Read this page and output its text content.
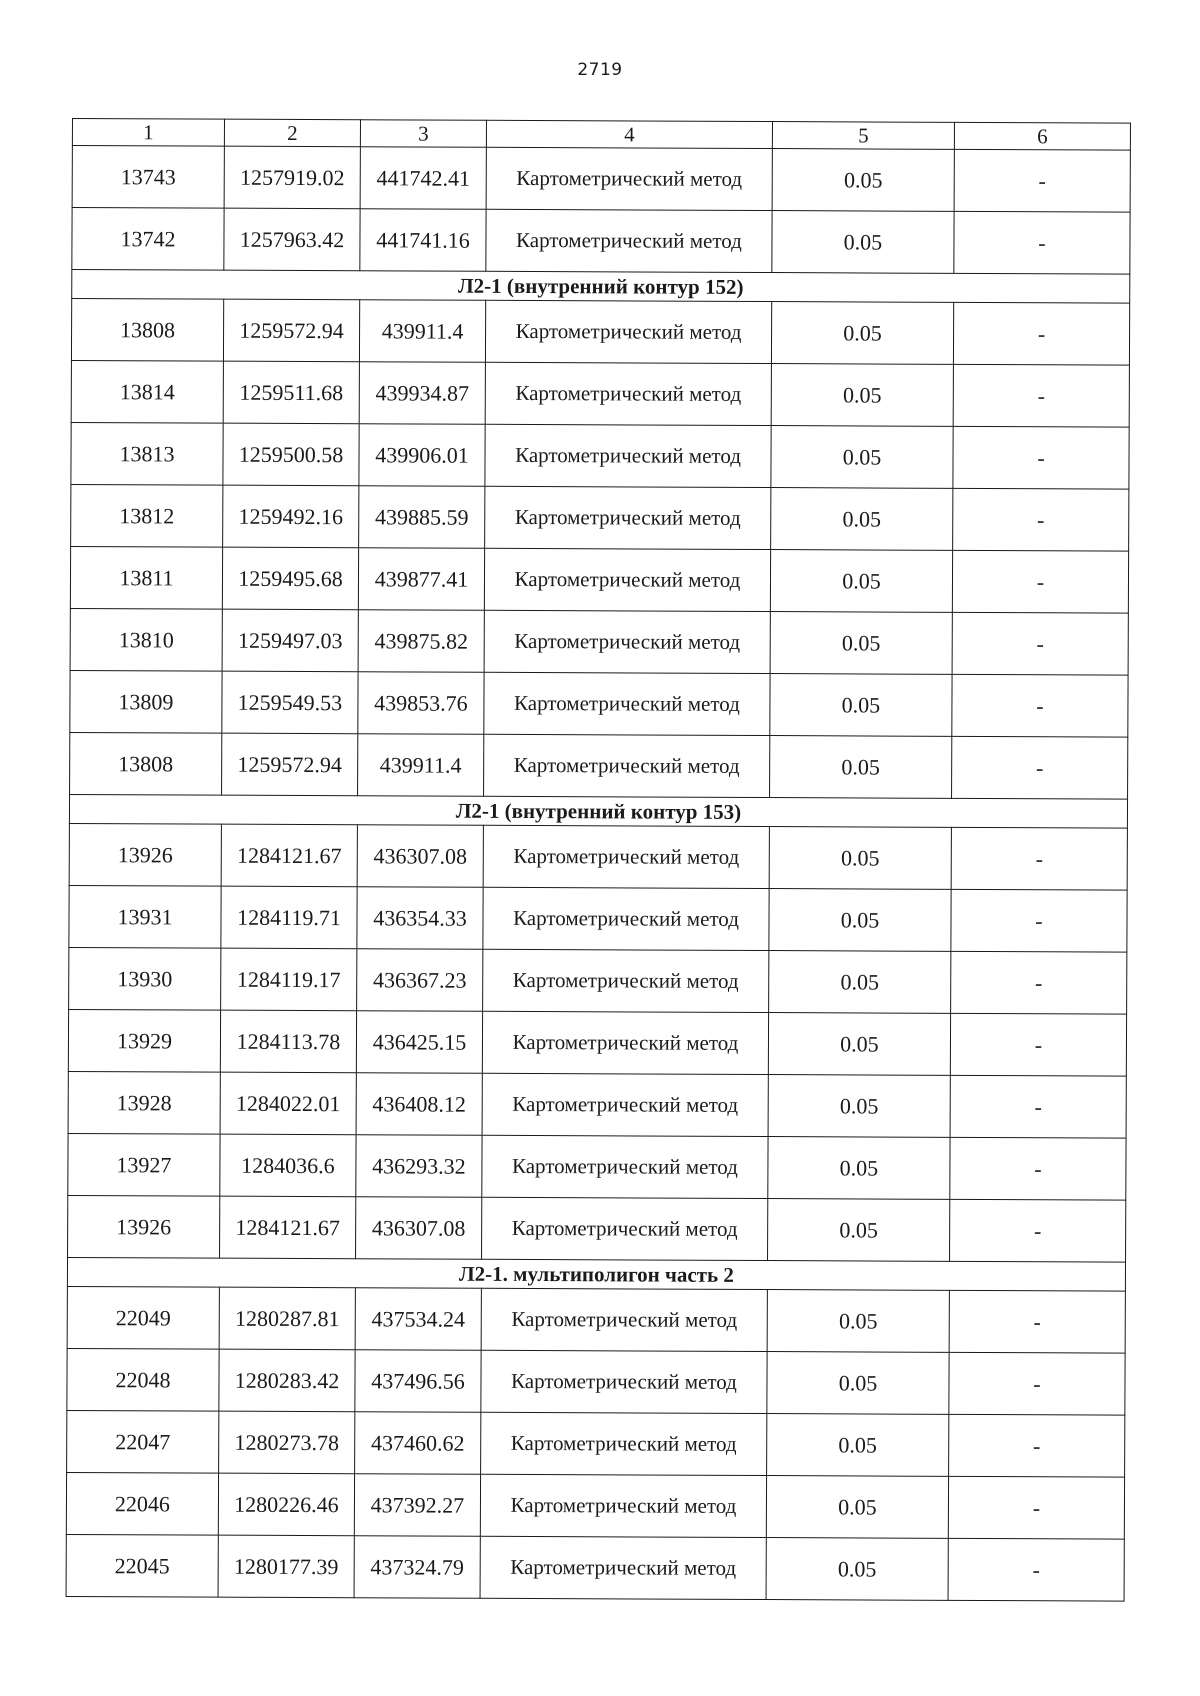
2719
1	2	3	4	5	6
13743	1257919.02	441742.41	Картометрический метод	0.05	-
13742	1257963.42	441741.16	Картометрический метод	0.05	-
Л2-1 (внутренний контур 152)					
13808	1259572.94	439911.4	Картометрический метод	0.05	-
13814	1259511.68	439934.87	Картометрический метод	0.05	-
13813	1259500.58	439906.01	Картометрический метод	0.05	-
13812	1259492.16	439885.59	Картометрический метод	0.05	-
13811	1259495.68	439877.41	Картометрический метод	0.05	-
13810	1259497.03	439875.82	Картометрический метод	0.05	-
13809	1259549.53	439853.76	Картометрический метод	0.05	-
13808	1259572.94	439911.4	Картометрический метод	0.05	-
Л2-1 (внутренний контур 153)					
13926	1284121.67	436307.08	Картометрический метод	0.05	-
13931	1284119.71	436354.33	Картометрический метод	0.05	-
13930	1284119.17	436367.23	Картометрический метод	0.05	-
13929	1284113.78	436425.15	Картометрический метод	0.05	-
13928	1284022.01	436408.12	Картометрический метод	0.05	-
13927	1284036.6	436293.32	Картометрический метод	0.05	-
13926	1284121.67	436307.08	Картометрический метод	0.05	-
Л2-1. мультиполигон часть 2					
22049	1280287.81	437534.24	Картометрический метод	0.05	-
22048	1280283.42	437496.56	Картометрический метод	0.05	-
22047	1280273.78	437460.62	Картометрический метод	0.05	-
22046	1280226.46	437392.27	Картометрический метод	0.05	-
22045	1280177.39	437324.79	Картометрический метод	0.05	-
